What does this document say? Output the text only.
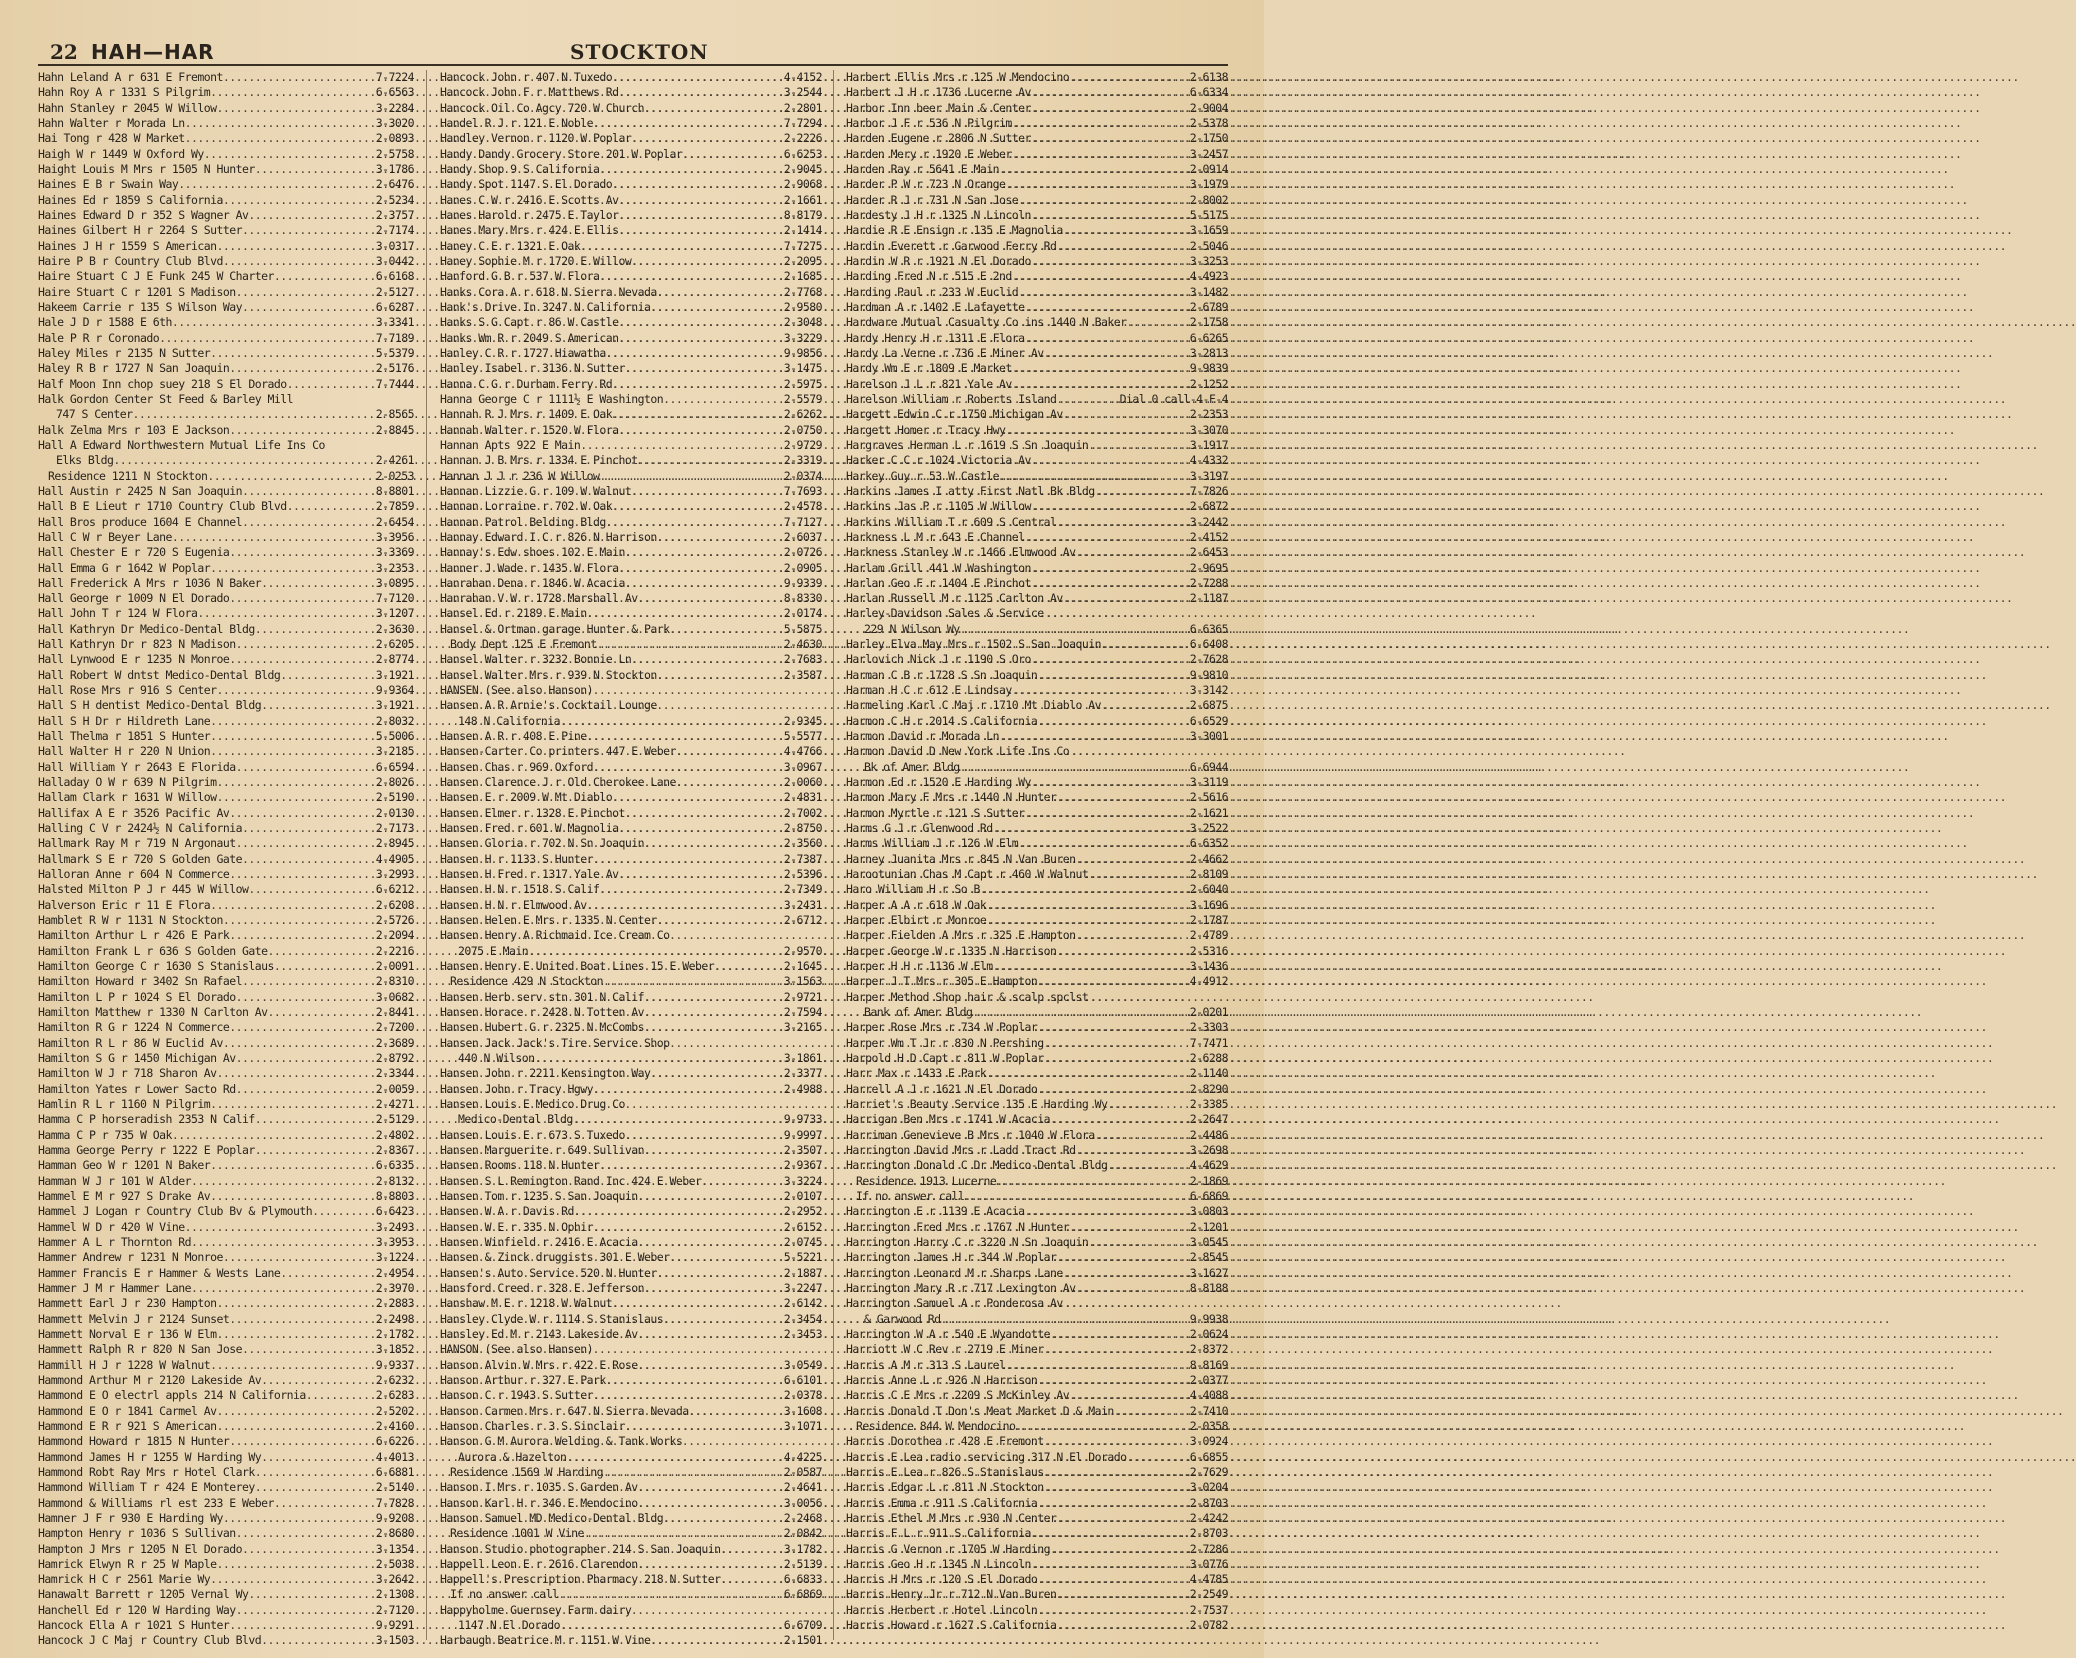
22 HAH—HAR	STOCKTON
Hahn Leland A r 631 E Fremont .....	7-7224
Hahn Roy A r 1331 S Pilgrim .....	6-6563
Hahn Stanley r 2045 W Willow .....	3-2284
Hahn Walter r Morada Ln .....	3-3020
Hai Tong r 428 W Market .....	2-0893
Haigh W r 1449 W Oxford Wy .....	2-5758
Haight Louis M Mrs r 1505 N Hunter .....	3-1786
Haines E B r Swain Way .....	2-6476
Haines Ed r 1859 S California .....	2-5234
Haines Edward D r 352 S Wagner Av .....	2-3757
Haines Gilbert H r 2264 S Sutter .....	2-7174
Haines J H r 1559 S American .....	3-0317
Haire P B r Country Club Blvd .....	3-0442
Haire Stuart C J E Funk 245 W Charter .....	6-6168
Haire Stuart C r 1201 S Madison .....	2-5127
Hakeem Carrie r 135 S Wilson Way .....	6-6287
Hale J D r 1588 E 6th .....	3-3341
Hale P R r Coronado .....	7-7189
Haley Miles r 2135 N Sutter .....	5-5379
Haley R B r 1727 N San Joaquin .....	2-5176
Half Moon Inn chop suey 218 S El Dorado .....	7-7444
Halk Gordon Center St Feed & Barley Mill
747 S Center .....	2-8565
Halk Zelma Mrs r 103 E Jackson .....	2-8845
Hall A Edward Northwestern Mutual Life Ins Co
Elks Bldg .....	2-4261
Residence 1211 N Stockton .....	2-0253
Hall Austin r 2425 N San Joaquin .....	8-8801
Hall B E Lieut r 1710 Country Club Blvd .....	2-7859
Hall Bros produce 1604 E Channel .....	2-6454
Hall C W r Beyer Lane .....	3-3956
Hall Chester E r 720 S Eugenia .....	3-3369
Hall Emma G r 1642 W Poplar .....	3-2353
Hall Frederick A Mrs r 1036 N Baker .....	3-0895
Hall George r 1009 N El Dorado .....	7-7120
Hall John T r 124 W Flora .....	3-1207
Hall Kathryn Dr Medico-Dental Bldg .....	2-3630
Hall Kathryn Dr r 823 N Madison .....	2-6205
Hall Lynwood E r 1235 N Monroe .....	2-8774
Hall Robert W dntst Medico-Dental Bldg .....	3-1921
Hall Rose Mrs r 916 S Center .....	9-9364
Hall S H dentist Medico-Dental Bldg .....	3-1921
Hall S H Dr r Hildreth Lane .....	2-8032
Hall Thelma r 1851 S Hunter .....	5-5006
Hall Walter H r 220 N Union .....	3-2185
Hall William Y r 2643 E Florida .....	6-6594
Halladay O W r 639 N Pilgrim .....	2-8026
Hallam Clark r 1631 W Willow .....	2-5190
Hallifax A E r 3526 Pacific Av .....	2-0130
Halling C V r 2424½ N California .....	2-7173
Hallmark Ray M r 719 N Argonaut .....	2-8945
Hallmark S E r 720 S Golden Gate .....	4-4905
Halloran Anne r 604 N Commerce .....	3-2993
Halsted Milton P J r 445 W Willow .....	6-6212
Halverson Eric r 11 E Flora .....	2-6208
Hamblet R W r 1131 N Stockton .....	2-5726
Hamilton Arthur L r 426 E Park .....	2-2094
Hamilton Frank L r 636 S Golden Gate .....	2-2216
Hamilton George C r 1630 S Stanislaus .....	2-0091
Hamilton Howard r 3402 Sn Rafael .....	2-8310
Hamilton L P r 1024 S El Dorado .....	3-0682
Hamilton Matthew r 1330 N Carlton Av .....	2-8441
Hamilton R G r 1224 N Commerce .....	2-7200
Hamilton R L r 86 W Euclid Av .....	2-3689
Hamilton S G r 1450 Michigan Av .....	2-8792
Hamilton W J r 718 Sharon Av .....	2-3344
Hamilton Yates r Lower Sacto Rd .....	2-0059
Hamlin R L r 1160 N Pilgrim .....	2-4271
Hamma C P horseradish 2353 N Calif .....	2-5129
Hamma C P r 735 W Oak .....	2-4802
Hamma George Perry r 1222 E Poplar .....	2-8367
Hamman Geo W r 1201 N Baker .....	6-6335
Hamman W J r 101 W Alder .....	2-8132
Hammel E M r 927 S Drake Av .....	8-8803
Hammel J Logan r Country Club Bv & Plymouth .....	6-6423
Hammel W D r 420 W Vine .....	3-2493
Hammer A L r Thornton Rd .....	3-3953
Hammer Andrew r 1231 N Monroe .....	3-1224
Hammer Francis E r Hammer & Wests Lane .....	2-4954
Hammer J M r Hammer Lane .....	2-3970
Hammett Earl J r 230 Hampton .....	2-2883
Hammett Melvin J r 2124 Sunset .....	2-2498
Hammett Norval E r 136 W Elm .....	2-1782
Hammett Ralph R r 820 N San Jose .....	3-1852
Hammill H J r 1228 W Walnut .....	9-9337
Hammond Arthur M r 2120 Lakeside Av .....	2-6232
Hammond E O electrl appls 214 N California .....	2-6283
Hammond E O r 1841 Carmel Av .....	2-5202
Hammond E R r 921 S American .....	2-4160
Hammond Howard r 1815 N Hunter .....	6-6226
Hammond James H r 1255 W Harding Wy .....	4-4013
Hammond Robt Ray Mrs r Hotel Clark .....	6-6881
Hammond William T r 424 E Monterey .....	2-5140
Hammond & Williams rl est 233 E Weber .....	7-7828
Hamner J F r 930 E Harding Wy .....	9-9208
Hampton Henry r 1036 S Sullivan .....	2-8680
Hampton J Mrs r 1205 N El Dorado .....	3-1354
Hamrick Elwyn R r 25 W Maple .....	2-5038
Hamrick H C r 2561 Marie Wy .....	3-2642
Hanawalt Barrett r 1205 Vernal Wy .....	2-1308
Hanchell Ed r 120 W Harding Way .....	2-7120
Hancock Ella A r 1021 S Hunter .....	9-9291
Hancock J C Maj r Country Club Blvd .....	3-1503
Hancock John r 407 N Tuxedo .....	4-4152
Hancock John F r Matthews Rd .....	3-2544
Hancock Oil Co Agcy 720 W Church .....	2-2801
Handel R J r 121 E Noble .....	7-7294
Handley Vernon r 1120 W Poplar .....	2-2226
Handy Dandy Grocery Store 201 W Poplar .....	6-6253
Handy Shop 9 S California .....	2-9045
Handy Spot 1147 S El Dorado .....	2-9068
Hanes C W r 2416 E Scotts Av .....	2-1661
Hanes Harold r 2475 E Taylor .....	8-8179
Hanes Mary Mrs r 424 E Ellis .....	2-1414
Haney C E r 1321 E Oak .....	7-7275
Haney Sophie M r 1720 E Willow .....	2-2095
Hanford G B r 537 W Flora .....	2-1685
Hanks Cora A r 618 N Sierra Nevada .....	2-7768
Hank's Drive In 3247 N California .....	2-9580
Hanks S G Capt r 86 W Castle .....	2-3048
Hanks Wm R r 2049 S American .....	3-3229
Hanley C R r 1727 Hiawatha .....	9-9856
Hanley Isabel r 3136 N Sutter .....	3-1475
Hanna C G r Durham Ferry Rd .....	2-5975
Hanna George C r 1111½ E Washington .....	2-5579
Hannah R J Mrs r 1409 E Oak .....	2-6262
Hannah Walter r 1520 W Flora .....	2-0750
Hannan Apts 922 E Main .....	2-9729
Hannan J B Mrs r 1334 E Pinchot .....	2-3319
Hannan J J r 236 W Willow .....	2-0374
Hannan Lizzie G r 109 W Walnut .....	7-7693
Hannan Lorraine r 702 W Oak .....	2-4578
Hannan Patrol Belding Bldg .....	7-7127
Hannay Edward I C r 826 N Harrison .....	2-6037
Hannay's Edw shoes 102 E Main .....	2-0726
Hanner J Wade r 1435 W Flora .....	2-0905
Hanrahan Dena r 1846 W Acacia .....	9-9339
Hanrahan V W r 1728 Marshall Av .....	8-8330
Hansel Ed r 2189 E Main .....	2-0174
Hansel & Ortman garage Hunter & Park .....	5-5875
Body Dept 125 E Fremont .....	2-4630
Hansel Walter r 3232 Bonnie Ln .....	2-7683
Hansel Walter Mrs r 939 N Stockton .....	2-3587
HANSEN (See also Hanson)
Hansen A R Arnie's Cocktail Lounge
148 N California .....	2-9345
Hansen A R r 408 E Pine .....	5-5577
Hansen-Carter Co printers 447 E Weber .....	4-4766
Hansen Chas r 969 Oxford .....	3-0967
Hansen Clarence J r Old Cherokee Lane .....	2-0060
Hansen E r 2009 W Mt Diablo .....	2-4831
Hansen Elmer r 1328 E Pinchot .....	2-7002
Hansen Fred r 601 W Magnolia .....	2-8750
Hansen Gloria r 702 N Sn Joaquin .....	2-3560
Hansen H r 1133 S Hunter .....	2-7387
Hansen H Fred r 1317 Yale Av .....	2-5396
Hansen H N r 1518 S Calif .....	2-7349
Hansen H N r Elmwood Av .....	3-2431
Hansen Helen E Mrs r 1335 N Center .....	2-6712
Hansen Henry A Richmaid Ice Cream Co
2075 E Main .....	2-9570
Hansen Henry E United Boat Lines 15 E Weber .....	2-1645
Residence 429 N Stockton .....	3-1563
Hansen Herb serv stn 301 N Calif .....	2-9721
Hansen Horace r 2428 N Totten Av .....	2-7594
Hansen Hubert G r 2325 N McCombs .....	3-2165
Hansen Jack Jack's Tire Service Shop
440 N Wilson .....	3-1861
Hansen John r 2211 Kensington Way .....	2-3377
Hansen John r Tracy Hgwy .....	2-4988
Hansen Louis E Medico Drug Co
Medico-Dental Bldg .....	9-9733
Hansen Louis E r 673 S Tuxedo .....	9-9997
Hansen Marguerite r 649 Sullivan .....	2-3507
Hansen Rooms 118 N Hunter .....	2-9367
Hansen S L Remington Rand Inc 424 E Weber .....	3-3224
Hansen Tom r 1235 S San Joaquin .....	2-0107
Hansen W A r Davis Rd .....	2-2952
Hansen W E r 335 N Ophir .....	2-6152
Hansen Winfield r 2416 E Acacia .....	2-0745
Hansen & Zinck druggists 301 E Weber .....	5-5221
Hansen's Auto Service 520 N Hunter .....	2-1887
Hansford Creed r 328 E Jefferson .....	3-2247
Hanshaw M E r 1218 W Walnut .....	2-6142
Hansley Clyde W r 1114 S Stanislaus .....	2-3454
Hansley Ed M r 2143 Lakeside Av .....	2-3453
HANSON (See also Hansen)
Hanson Alvin W Mrs r 422 E Rose .....	3-0549
Hanson Arthur r 327 E Park .....	6-6101
Hanson C r 1943 S Sutter .....	2-0378
Hanson Carmen Mrs r 647 N Sierra Nevada .....	3-1608
Hanson Charles r 3 S Sinclair .....	3-1071
Hanson G M Aurora Welding & Tank Works
Aurora & Hazelton .....	4-4225
Residence 1569 W Harding .....	2-0587
Hanson I Mrs r 1035 S Garden Av .....	2-4641
Hanson Karl H r 346 E Mendocino .....	3-0056
Hanson Samuel MD Medico-Dental Bldg .....	2-2468
Residence 1001 W Vine .....	2-0842
Hanson Studio photographer 214 S San Joaquin .....	3-1782
Happell Leon E r 2616 Clarendon .....	2-5139
Happell's Prescription Pharmacy 218 N Sutter .....	6-6833
If no answer call .....	6-6869
Happyholme Guernsey Farm dairy
1147 N El Dorado .....	6-6709
Harbaugh Beatrice M r 1151 W Vine .....	2-1501
Harbert Ellis Mrs r 125 W Mendocino .....	2-6138
Harbert J H r 1736 Lucerne Av .....	6-6334
Harbor Inn beer Main & Center .....	2-9004
Harbor J F r 536 N Pilgrim .....	2-5378
Harden Eugene r 2806 N Sutter .....	2-1750
Harden Mery r 1920 E Weber .....	3-2457
Harden Ray r 5641 E Main .....	2-0914
Harder P W r 723 N Orange .....	3-1979
Harder R J r 731 N San Jose .....	2-8002
Hardesty J H r 1325 N Lincoln .....	5-5175
Hardie R E Ensign r 135 E Magnolia .....	3-1659
Hardin Everett r Garwood Ferry Rd .....	2-5046
Hardin W R r 1921 N El Dorado .....	3-3253
Harding Fred N r 515 E 2nd .....	4-4923
Harding Paul r 233 W Euclid .....	3-1482
Hardman A r 1402 E Lafayette .....	2-6789
Hardware Mutual Casualty Co ins 1440 N Baker .....	2-1758
Hardy Henry H r 1311 E Flora .....	6-6265
Hardy La Verne r 736 E Miner Av .....	3-2813
Hardy Wm E r 1809 E Market .....	9-9839
Harelson J L r 821 Yale Av .....	2-1252
Harelson William r Roberts Island .....	Dial 0 call-4-F-4
Hargett Edwin C r 1750 Michigan Av .....	2-2353
Hargett Homer r Tracy Hwy .....	3-3070
Hargraves Herman L r 1619 S Sn Joaquin .....	3-1917
Harker C C r 1024 Victoria Av .....	4-4332
Harkey Guy r 53 W Castle .....	3-3197
Harkins James I atty First Natl Bk Bldg .....	7-7826
Harkins Jas P r 1105 W Willow .....	2-6872
Harkins William T r 609 S Central .....	3-2442
Harkness L M r 643 E Channel .....	2-4152
Harkness Stanley W r 1466 Elmwood Av .....	2-6453
Harlam Grill 441 W Washington .....	2-9695
Harlan Geo F r 1404 E Pinchot .....	2-7288
Harlan Russell M r 1125 Carlton Av .....	2-1187
Harley-Davidson Sales & Service
229 N Wilson Wy .....	6-6365
Harley Elva May Mrs r 1502 S San Joaquin .....	6-6408
Harlovich Nick J r 1190 S Oro .....	2-7628
Harman C B r 1728 S Sn Joaquin .....	9-9810
Harman H C r 612 E Lindsay .....	3-3142
Harmeling Karl C Maj r 1710 Mt Diablo Av .....	2-6875
Harmon C H r 2014 S California .....	6-6529
Harmon David r Morada Ln .....	3-3001
Harmon David D New York Life Ins Co
Bk of Amer Bldg .....	6-6944
Harmon Ed r 1520 E Harding Wy .....	3-3119
Harmon Mary F Mrs r 1440 N Hunter .....	2-5616
Harmon Myrtle r 121 S Sutter .....	2-1621
Harms G J r Glenwood Rd .....	3-2522
Harms William J r 126 W Elm .....	6-6352
Harney Juanita Mrs r 845 N Van Buren .....	2-4662
Harootunian Chas M Capt r 460 W Walnut .....	2-8109
Haro William H r So B .....	2-6040
Harper A A r 618 W Oak .....	3-1696
Harper Elbirt r Monroe .....	2-1787
Harper Fielden A Mrs r 325 E Hampton .....	2-4789
Harper George W r 1335 N Harrison .....	2-5316
Harper H H r 1136 W Elm .....	3-1436
Harper J T Mrs r 305 E Hampton .....	4-4912
Harper Method Shop hair & scalp spclst
Bank of Amer Bldg .....	2-0201
Harper Rose Mrs r 734 W Poplar .....	2-3303
Harper Wm T Jr r 830 N Pershing .....	7-7471
Harpold H D Capt r 811 W Poplar .....	2-6288
Harr Max r 1433 E Park .....	2-1140
Harrell A J r 1621 N El Dorado .....	2-8290
Harriet's Beauty Service 135 E Harding Wy .....	2-3385
Harrigan Ben Mrs r 1741 W Acacia .....	2-2647
Harriman Genevieve B Mrs r 1040 W Flora .....	2-4486
Harrington David Mrs r Ladd Tract Rd .....	3-2698
Harrington Donald C Dr Medico-Dental Bldg .....	4-4629
Residence 1913 Lucerne .....	2-1869
If no answer call .....	6-6869
Harrington E r 1139 E Acacia .....	3-0803
Harrington Fred Mrs r 1767 N Hunter .....	2-1201
Harrington Harry C r 3220 N Sn Joaquin .....	3-0545
Harrington James H r 344 W Poplar .....	2-8545
Harrington Leonard M r Sharps Lane .....	3-1627
Harrington Mary R r 717 Lexington Av .....	8-8188
Harrington Samuel A r Ponderosa Av
& Garwood Rd .....	9-9938
Harrington W A r 540 E Wyandotte .....	2-0624
Harriott W C Rev r 2719 E Miner .....	2-8372
Harris A M r 313 S Laurel .....	8-8169
Harris Anne L r 926 N Harrison .....	2-0377
Harris C E Mrs r 2209 S McKinley Av .....	4-4088
Harris Donald T Don's Meat Market D & Main .....	2-7410
Residence 844 W Mendocino .....	2-0358
Harris Dorothea r 428 E Fremont .....	3-0924
Harris E Lea radio servicing 317 N El Dorado .....	6-6855
Harris E Lea r 826 S Stanislaus .....	2-7629
Harris Edgar L r 811 N Stockton .....	3-0204
Harris Emma r 911 S California .....	2-8703
Harris Ethel M Mrs r 930 N Center .....	2-4242
Harris F L r 911 S California .....	2-8703
Harris G Vernon r 1705 W Harding .....	2-7286
Harris Geo H r 1345 N Lincoln .....	3-0776
Harris H Mrs r 120 S El Dorado .....	4-4785
Harris Henry Jr r 712 N Van Buren .....	2-2549
Harris Herbert r Hotel Lincoln .....	2-7537
Harris Howard r 1627 S California .....	2-0782
